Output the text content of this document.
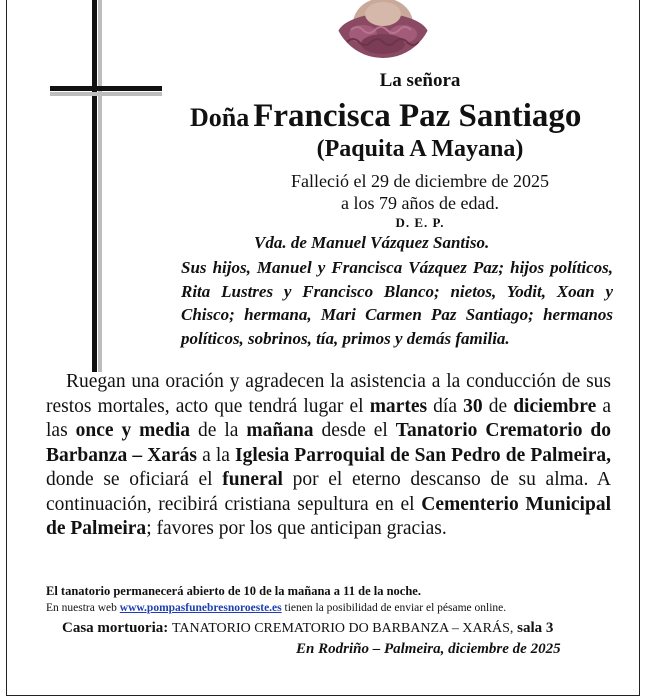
La señora
Doña Francisca Paz Santiago
(Paquita A Mayana)
Falleció el 29 de diciembre de 2025
a los 79 años de edad.
D. E. P.
Vda. de Manuel Vázquez Santiso.
Sus hijos, Manuel y Francisca Vázquez Paz; hijos políticos, Rita Lustres y Francisco Blanco; nietos, Yodit, Xoan y Chisco; hermana, Mari Carmen Paz Santiago; hermanos políticos, sobrinos, tía, primos y demás familia.
Ruegan una oración y agradecen la asistencia a la conducción de sus restos mortales, acto que tendrá lugar el martes día 30 de diciembre a las once y media de la mañana desde el Tanatorio Crematorio do Barbanza – Xarás a la Iglesia Parroquial de San Pedro de Palmeira, donde se oficiará el funeral por el eterno descanso de su alma. A continuación, recibirá cristiana sepultura en el Cementerio Municipal de Palmeira; favores por los que anticipan gracias.
El tanatorio permanecerá abierto de 10 de la mañana a 11 de la noche.
En nuestra web www.pompasfunebresnoroeste.es tienen la posibilidad de enviar el pésame online.
Casa mortuoria: TANATORIO CREMATORIO DO BARBANZA – XARÁS, sala 3
En Rodriño – Palmeira, diciembre de 2025
